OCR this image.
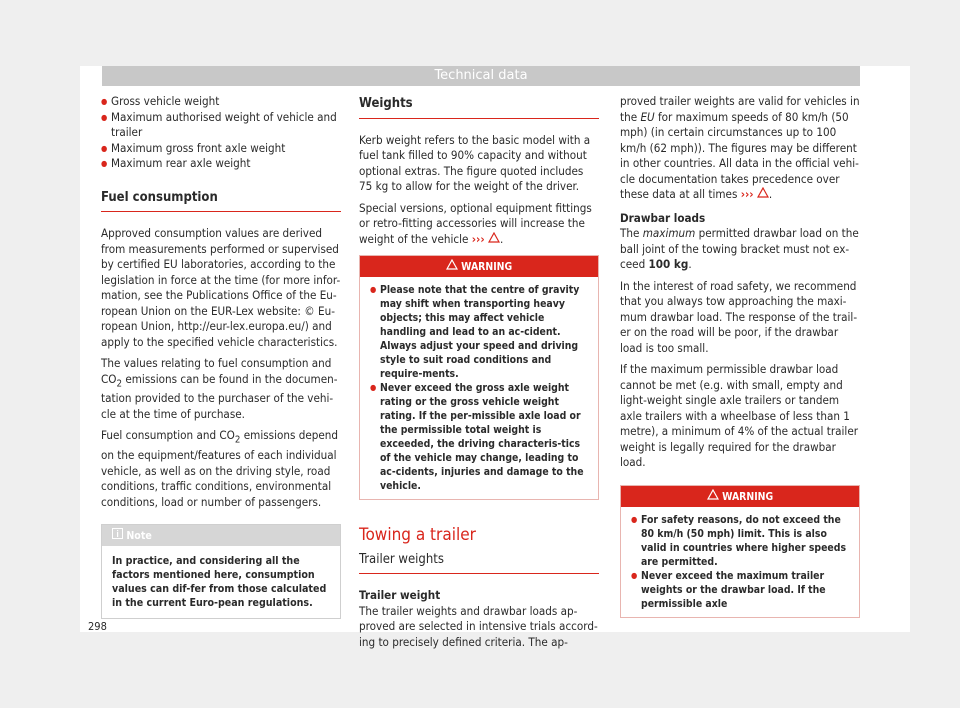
Technical data
● Gross vehicle weight
● Maximum authorised weight of vehicle and trailer
● Maximum gross front axle weight
● Maximum rear axle weight
Fuel consumption

Approved consumption values are derived from measurements performed or supervised by certified EU laboratories, according to the legislation in force at the time (for more infor-mation, see the Publications Office of the Eu-ropean Union on the EUR-Lex website: © Eu-ropean Union, http://eur-lex.europa.eu/) and apply to the specified vehicle characteristics.

The values relating to fuel consumption and $CO_2$ emissions can be found in the documen-tation provided to the purchaser of the vehi-cle at the time of purchase.

Fuel consumption and $CO_2$ emissions depend on the equipment/features of each individual vehicle, as well as on the driving style, road conditions, traffic conditions, environmental conditions, load or number of passengers.

Note
In practice, and considering all the factors mentioned here, consumption values can dif-fer from those calculated in the current Euro-pean regulations.
Weights

Kerb weight refers to the basic model with a fuel tank filled to 90% capacity and without optional extras. The figure quoted includes 75 kg to allow for the weight of the driver.

Special versions, optional equipment fittings or retro-fitting accessories will increase the weight of the vehicle ››› .

WARNING
● Please note that the centre of gravity may shift when transporting heavy objects; this may affect vehicle handling and lead to an ac-cident. Always adjust your speed and driving style to suit road conditions and require-ments.
● Never exceed the gross axle weight rating or the gross vehicle weight rating. If the per-missible axle load or the permissible total weight is exceeded, the driving characteris-tics of the vehicle may change, leading to ac-cidents, injuries and damage to the vehicle.
Towing a trailer
Trailer weights
Trailer weight

The trailer weights and drawbar loads ap-proved are selected in intensive trials accord-ing to precisely defined criteria. The ap-

proved trailer weights are valid for vehicles in the EU for maximum speeds of 80 km/h (50 mph) (in certain circumstances up to 100 km/h (62 mph)). The figures may be different in other countries. All data in the official vehi-cle documentation takes precedence over these data at all times ››› .

Drawbar loads

The maximum permitted drawbar load on the ball joint of the towing bracket must not ex-ceed 100 kg.

In the interest of road safety, we recommend that you always tow approaching the maxi-mum drawbar load. The response of the trail-er on the road will be poor, if the drawbar load is too small.

If the maximum permissible drawbar load cannot be met (e.g. with small, empty and light-weight single axle trailers or tandem axle trailers with a wheelbase of less than 1 metre), a minimum of 4% of the actual trailer weight is legally required for the drawbar load.

WARNING
● For safety reasons, do not exceed the 80 km/h (50 mph) limit. This is also valid in countries where higher speeds are permitted.
● Never exceed the maximum trailer weights or the drawbar load. If the permissible axle
298
